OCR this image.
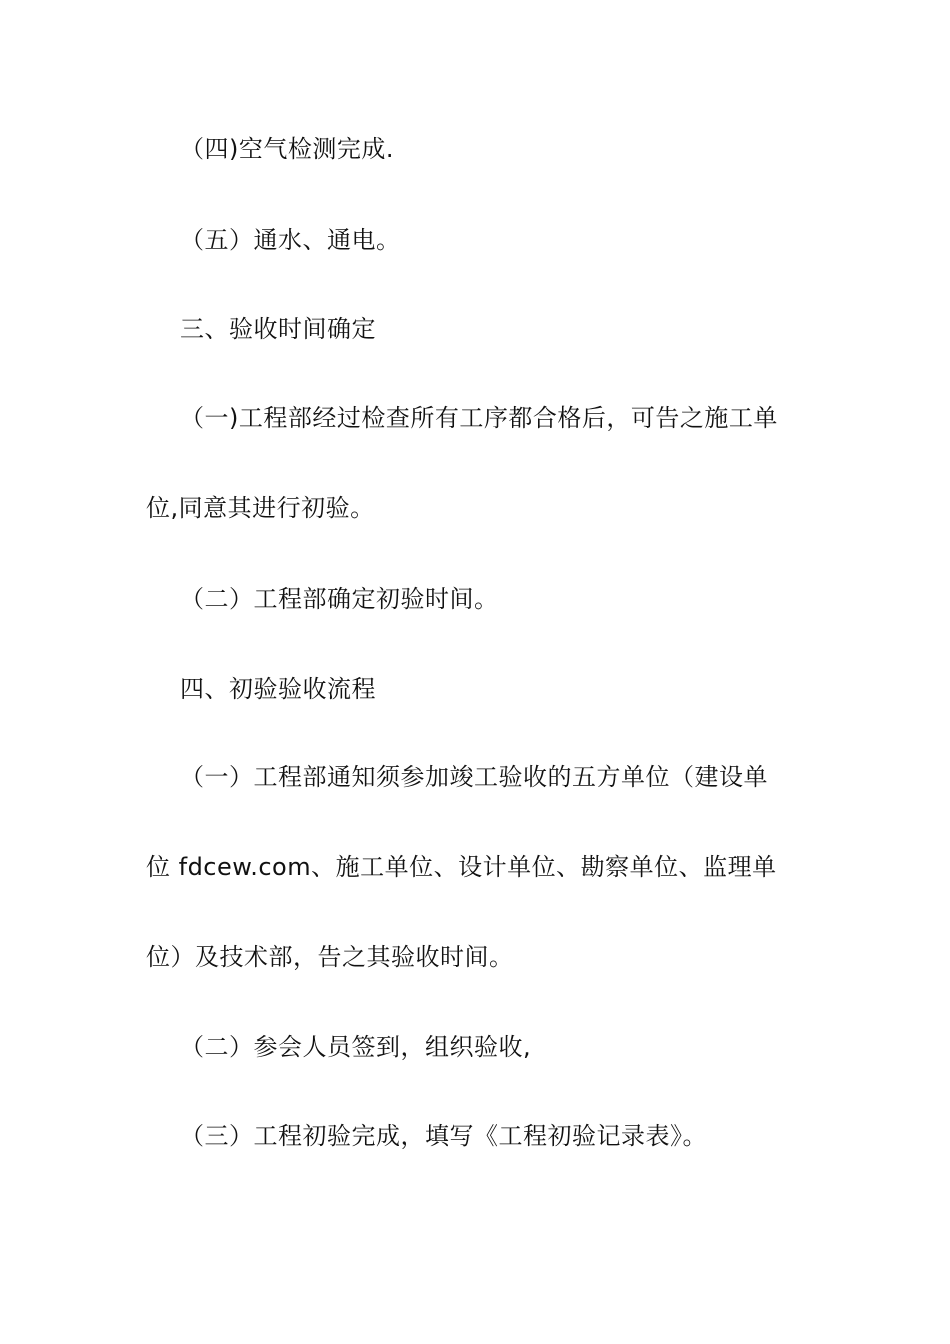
（四)空气检测完成.
（五）通水、通电。
三、验收时间确定
（一)工程部经过检查所有工序都合格后，可告之施工单
位,同意其进行初验。
（二）工程部确定初验时间。
四、初验验收流程
（一）工程部通知须参加竣工验收的五方单位（建设单
位 fdcew.com、施工单位、设计单位、勘察单位、监理单
位）及技术部，告之其验收时间。
（二）参会人员签到，组织验收,
（三）工程初验完成，填写《工程初验记录表》。
